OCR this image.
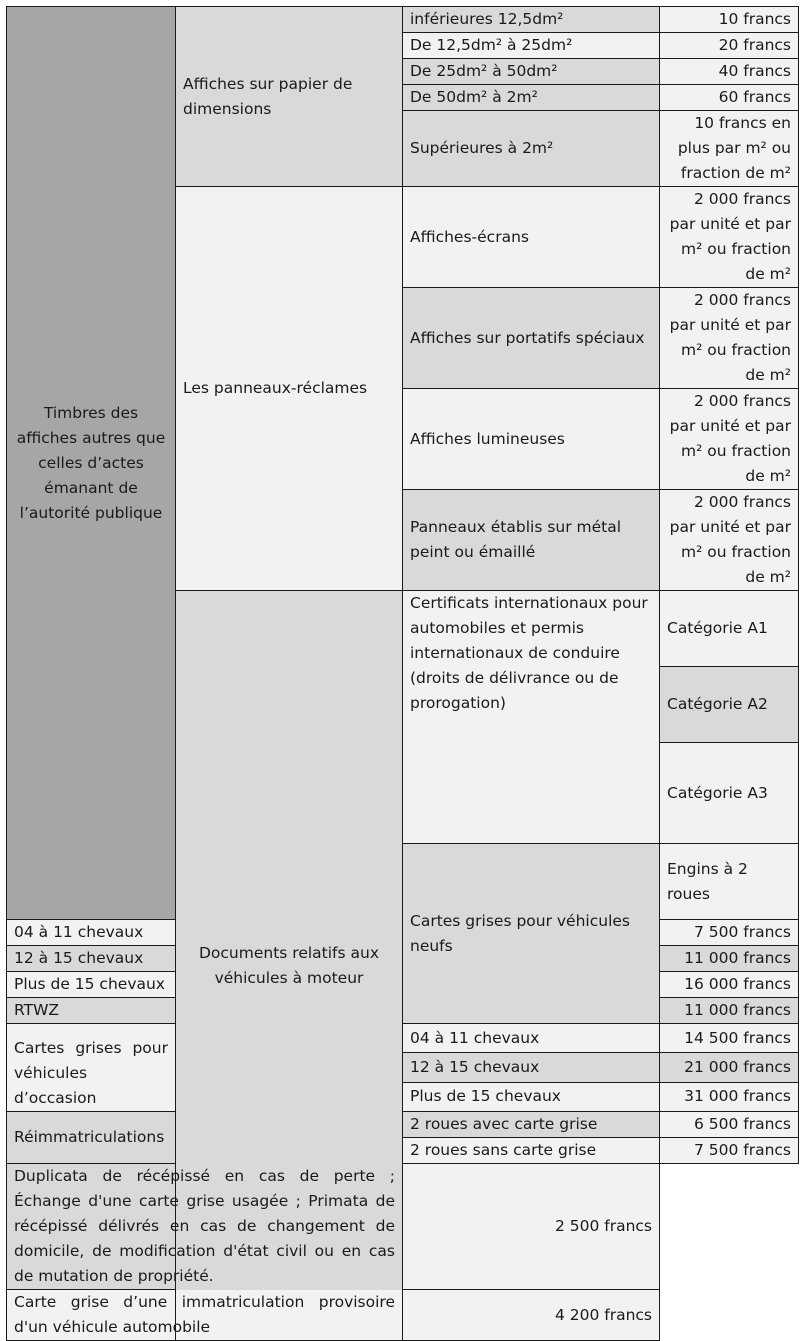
Timbres des affiches autres que celles d’actes émanant de l’autorité publique	Affiches sur papier de dimensions	inférieures 12,5dm²	10 francs	
		De 12,5dm² à 25dm²	20 francs	
		De 25dm² à 50dm²	40 francs	
		De 50dm² à 2m²	60 francs	
		Supérieures à 2m²	10 francs en plus par m² ou fraction de m²	
	Les panneaux-réclames	Affiches-écrans	2 000 francs par unité et par m² ou fraction de m²	
		Affiches sur portatifs spéciaux	2 000 francs par unité et par m² ou fraction de m²	
		Affiches lumineuses	2 000 francs par unité et par m² ou fraction de m²	
		Panneaux établis sur métal peint ou émaillé	2 000 francs par unité et par m² ou fraction de m²	
	Documents relatifs aux véhicules à moteur	Certificats internationaux pour automobiles et permis internationaux de conduire (droits de délivrance ou de prorogation)	Catégorie A1	
			Catégorie A2	
			Catégorie A3	
		Cartes grises pour véhicules neufs	Engins à 2 roues	
04 à 11 chevaux			7 500 francs	
12 à 15 chevaux			11 000 francs	
Plus de 15 chevaux			16 000 francs	
RTWZ			11 000 francs	
Cartes grises pour véhicules d’occasion		04 à 11 chevaux	14 500 francs	
		12 à 15 chevaux	21 000 francs	
		Plus de 15 chevaux	31 000 francs	
Réimmatriculations		2 roues avec carte grise	6 500 francs	
		2 roues sans carte grise	7 500 francs	
Duplicata de récépissé en cas de perte ; Échange d'une carte grise usagée ; Primata de récépissé délivrés en cas de changement de domicile, de modification d'état civil ou en cas de mutation de propriété.		2 500 francs		
Carte grise d’une immatriculation provisoire d'un véhicule automobile		4 200 francs		
